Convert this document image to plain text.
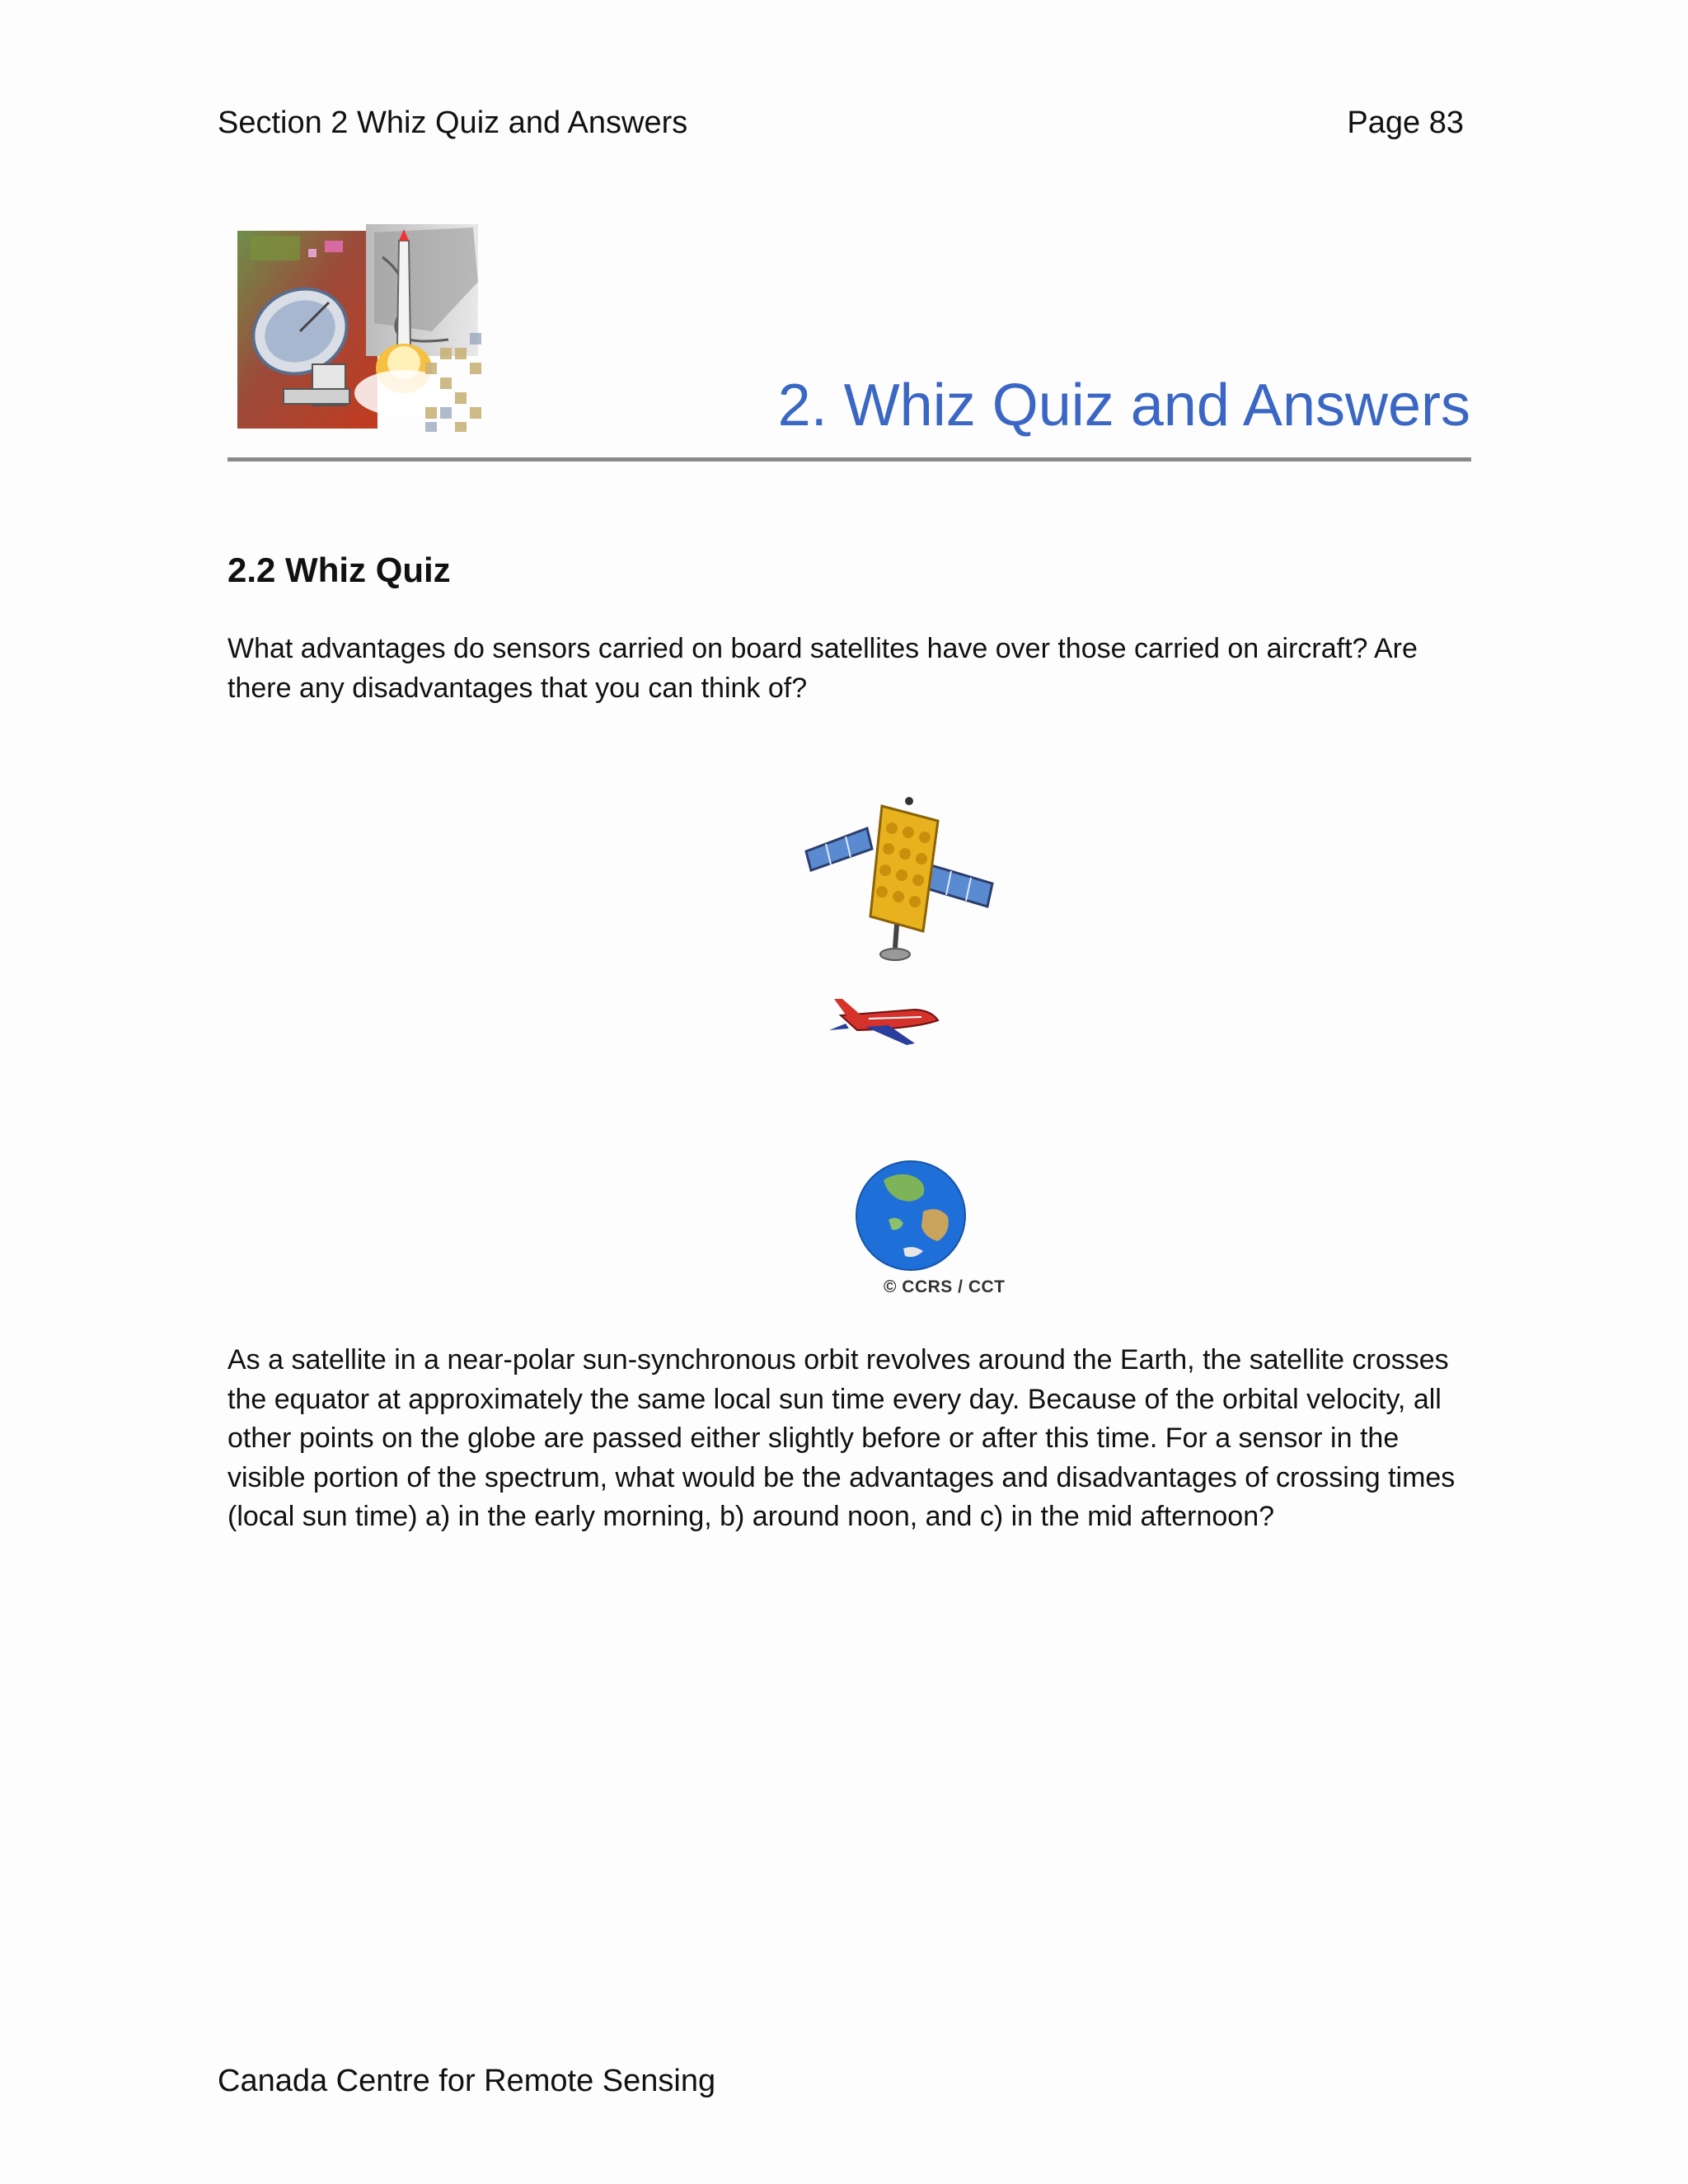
Section 2 Whiz Quiz and Answers	Page 83
2. Whiz Quiz and Answers
2.2 Whiz Quiz
What advantages do sensors carried on board satellites have over those carried on aircraft? Are there any disadvantages that you can think of?
© CCRS / CCT
As a satellite in a near-polar sun-synchronous orbit revolves around the Earth, the satellite crosses the equator at approximately the same local sun time every day. Because of the orbital velocity, all other points on the globe are passed either slightly before or after this time. For a sensor in the visible portion of the spectrum, what would be the advantages and disadvantages of crossing times (local sun time) a) in the early morning, b) around noon, and c) in the mid afternoon?
Canada Centre for Remote Sensing
